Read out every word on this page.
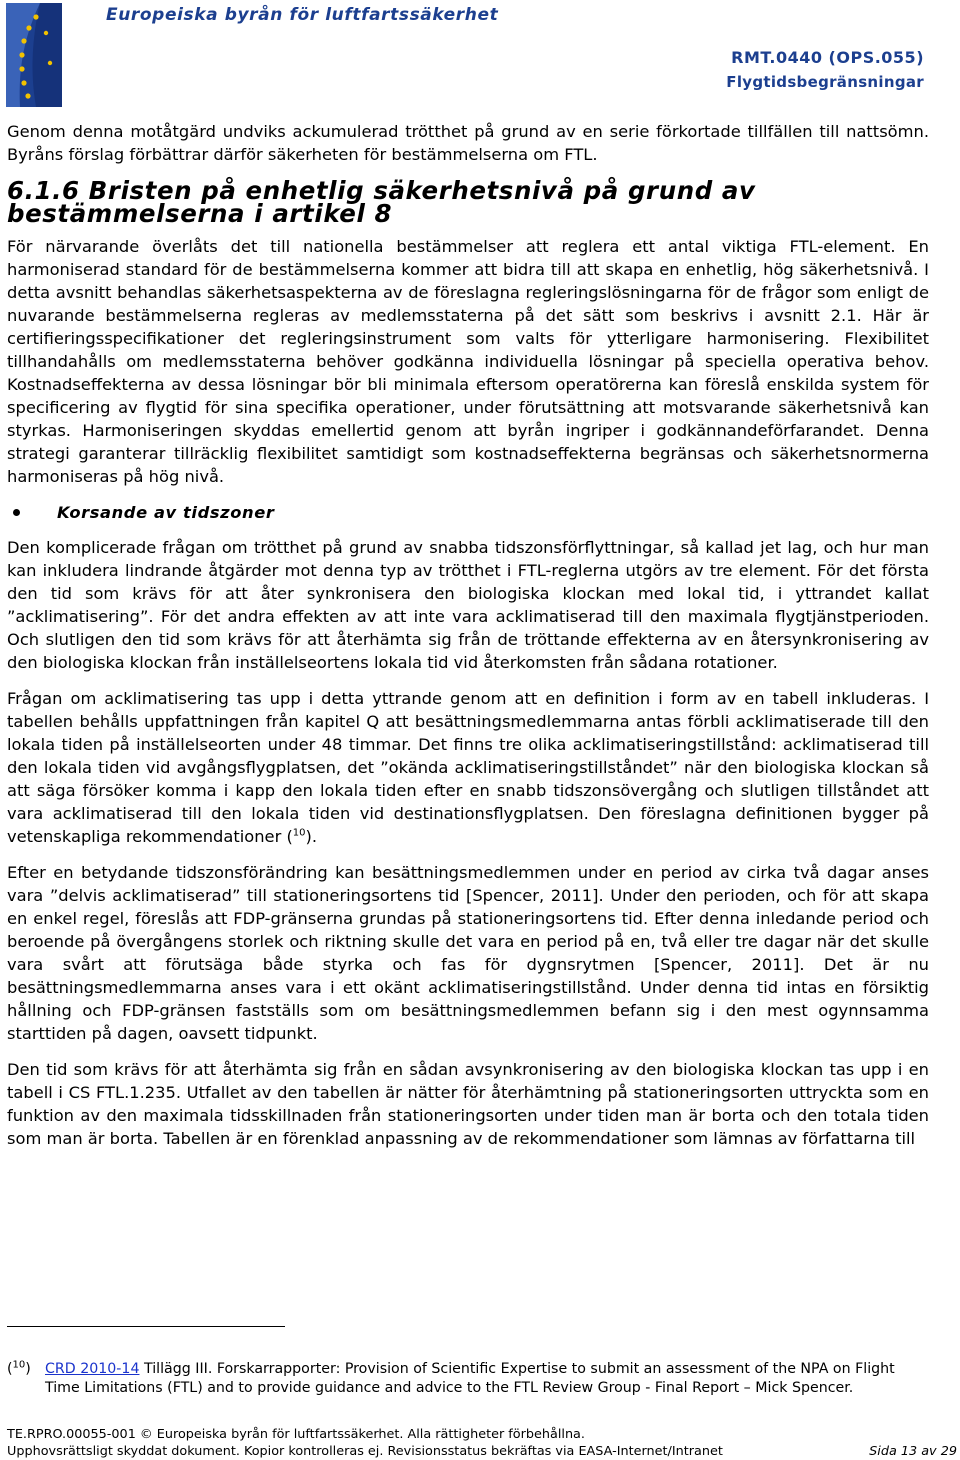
Europeiska byrån för luftfartssäkerhet
RMT.0440 (OPS.055)
Flygtidsbegränsningar

Genom denna motåtgärd undviks ackumulerad trötthet på grund av en serie förkortade tillfällen till nattsömn. Byråns förslag förbättrar därför säkerheten för bestämmelserna om FTL.

6.1.6 Bristen på enhetlig säkerhetsnivå på grund av bestämmelserna i artikel 8

För närvarande överlåts det till nationella bestämmelser att reglera ett antal viktiga FTL-element. En harmoniserad standard för de bestämmelserna kommer att bidra till att skapa en enhetlig, hög säkerhetsnivå. I detta avsnitt behandlas säkerhetsaspekterna av de föreslagna regleringslösningarna för de frågor som enligt de nuvarande bestämmelserna regleras av medlemsstaterna på det sätt som beskrivs i avsnitt 2.1. Här är certifieringsspecifikationer det regleringsinstrument som valts för ytterligare harmonisering. Flexibilitet tillhandahålls om medlemsstaterna behöver godkänna individuella lösningar på speciella operativa behov. Kostnadseffekterna av dessa lösningar bör bli minimala eftersom operatörerna kan föreslå enskilda system för specificering av flygtid för sina specifika operationer, under förutsättning att motsvarande säkerhetsnivå kan styrkas. Harmoniseringen skyddas emellertid genom att byrån ingriper i godkännandeförfarandet. Denna strategi garanterar tillräcklig flexibilitet samtidigt som kostnadseffekterna begränsas och säkerhetsnormerna harmoniseras på hög nivå.

Korsande av tidszoner

Den komplicerade frågan om trötthet på grund av snabba tidszonsförflyttningar, så kallad jet lag, och hur man kan inkludera lindrande åtgärder mot denna typ av trötthet i FTL-reglerna utgörs av tre element. För det första den tid som krävs för att åter synkronisera den biologiska klockan med lokal tid, i yttrandet kallat ”acklimatisering”. För det andra effekten av att inte vara acklimatiserad till den maximala flygtjänstperioden. Och slutligen den tid som krävs för att återhämta sig från de tröttande effekterna av en återsynkronisering av den biologiska klockan från inställelseortens lokala tid vid återkomsten från sådana rotationer.

Frågan om acklimatisering tas upp i detta yttrande genom att en definition i form av en tabell inkluderas. I tabellen behålls uppfattningen från kapitel Q att besättningsmedlemmarna antas förbli acklimatiserade till den lokala tiden på inställelseorten under 48 timmar. Det finns tre olika acklimatiseringstillstånd: acklimatiserad till den lokala tiden vid avgångsflygplatsen, det ”okända acklimatiseringstillståndet” när den biologiska klockan så att säga försöker komma i kapp den lokala tiden efter en snabb tidszonsövergång och slutligen tillståndet att vara acklimatiserad till den lokala tiden vid destinationsflygplatsen. Den föreslagna definitionen bygger på vetenskapliga rekommendationer ($^{10}$).

Efter en betydande tidszonsförändring kan besättningsmedlemmen under en period av cirka två dagar anses vara ”delvis acklimatiserad” till stationeringsortens tid [Spencer, 2011]. Under den perioden, och för att skapa en enkel regel, föreslås att FDP-gränserna grundas på stationeringsortens tid. Efter denna inledande period och beroende på övergångens storlek och riktning skulle det vara en period på en, två eller tre dagar när det skulle vara svårt att förutsäga både styrka och fas för dygnsrytmen [Spencer, 2011]. Det är nu besättningsmedlemmarna anses vara i ett okänt acklimatiseringstillstånd. Under denna tid intas en försiktig hållning och FDP-gränsen fastställs som om besättningsmedlemmen befann sig i den mest ogynnsamma starttiden på dagen, oavsett tidpunkt.

Den tid som krävs för att återhämta sig från en sådan avsynkronisering av den biologiska klockan tas upp i en tabell i CS FTL.1.235. Utfallet av den tabellen är nätter för återhämtning på stationeringsorten uttryckta som en funktion av den maximala tidsskillnaden från stationeringsorten under tiden man är borta och den totala tiden som man är borta. Tabellen är en förenklad anpassning av de rekommendationer som lämnas av författarna till

($^{10}$) CRD 2010-14 Tillägg III. Forskarrapporter: Provision of Scientific Expertise to submit an assessment of the NPA on Flight Time Limitations (FTL) and to provide guidance and advice to the FTL Review Group - Final Report – Mick Spencer.
TE.RPRO.00055-001 © Europeiska byrån för luftfartssäkerhet. Alla rättigheter förbehållna.
Upphovsrättsligt skyddat dokument. Kopior kontrolleras ej. Revisionsstatus bekräftas via EASA-Internet/Intranet	Sida 13 av 29
